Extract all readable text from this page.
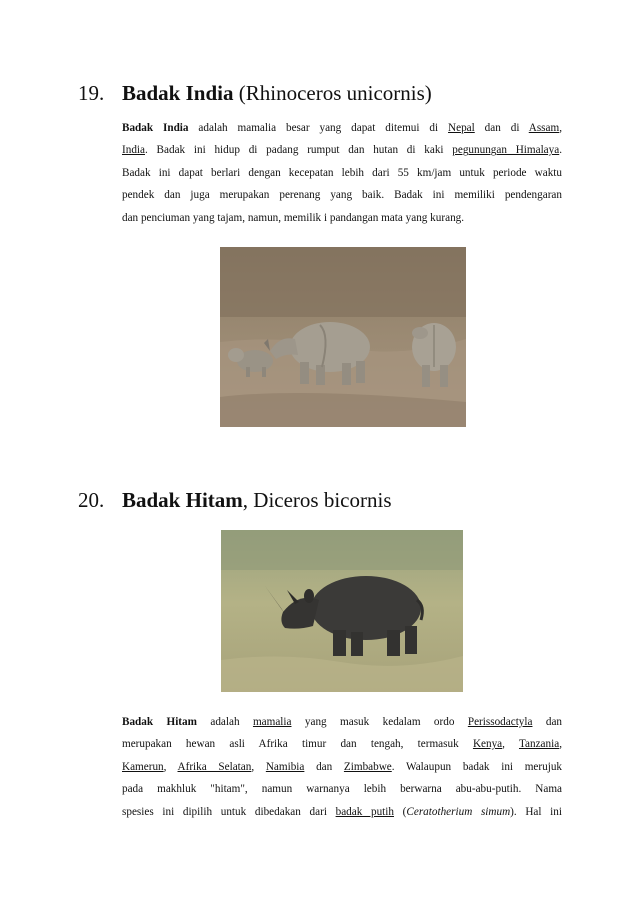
19. Badak India (Rhinoceros unicornis)
Badak India adalah mamalia besar yang dapat ditemui di Nepal dan di Assam,
India. Badak ini hidup di padang rumput dan hutan di kaki pegunungan Himalaya.
Badak ini dapat berlari dengan kecepatan lebih dari 55 km/jam untuk periode waktu
pendek dan juga merupakan perenang yang baik. Badak ini memiliki pendengaran
dan penciuman yang tajam, namun, memilik i pandangan mata yang kurang.
20. Badak Hitam, Diceros bicornis
Badak Hitam adalah mamalia yang masuk kedalam ordo Perissodactyla dan
merupakan hewan asli Afrika timur dan tengah, termasuk Kenya, Tanzania,
Kamerun, Afrika Selatan, Namibia dan Zimbabwe. Walaupun badak ini merujuk
pada makhluk "hitam", namun warnanya lebih berwarna abu-abu-putih. Nama
spesies ini dipilih untuk dibedakan dari badak putih (Ceratotherium simum). Hal ini
